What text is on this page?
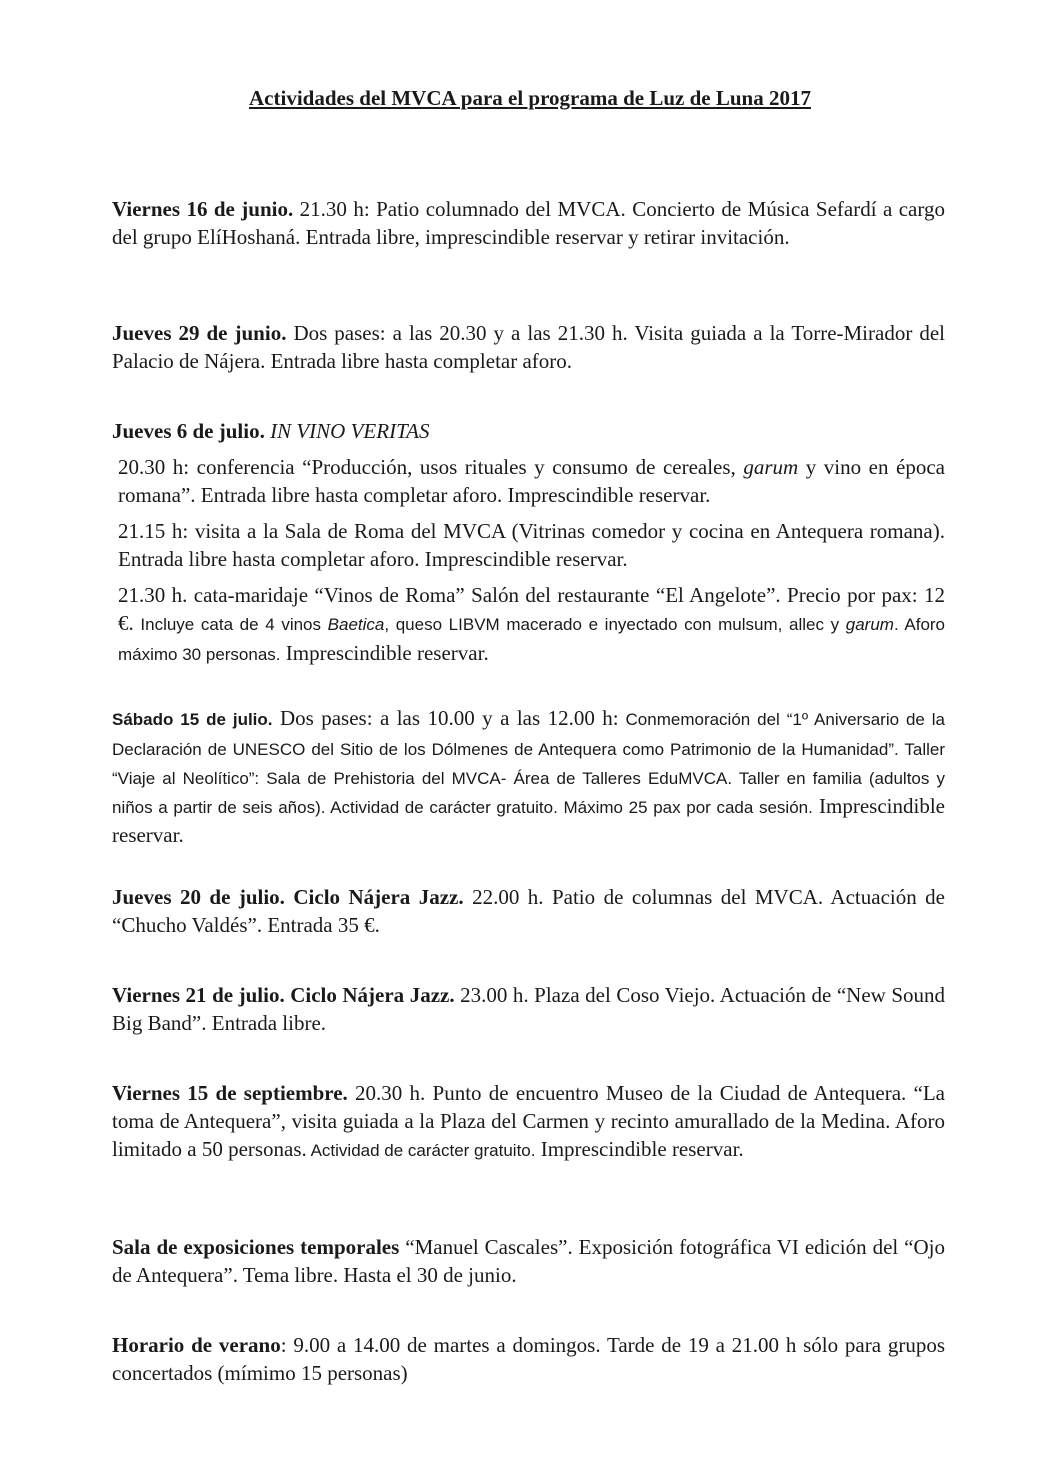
Actividades del MVCA para el programa de Luz de Luna 2017
Viernes 16 de junio. 21.30 h: Patio columnado del MVCA. Concierto de Música Sefardí a cargo del grupo ElíHoshaná. Entrada libre, imprescindible reservar y retirar invitación.
Jueves 29 de junio. Dos pases: a las 20.30 y a las 21.30 h. Visita guiada a la Torre-Mirador del Palacio de Nájera. Entrada libre hasta completar aforo.

Jueves 6 de julio. IN VINO VERITAS

20.30 h: conferencia “Producción, usos rituales y consumo de cereales, garum y vino en época romana”. Entrada libre hasta completar aforo. Imprescindible reservar.

21.15 h: visita a la Sala de Roma del MVCA (Vitrinas comedor y cocina en Antequera romana). Entrada libre hasta completar aforo. Imprescindible reservar.

21.30 h. cata-maridaje “Vinos de Roma” Salón del restaurante “El Angelote”. Precio por pax: 12 €. Incluye cata de 4 vinos Baetica, queso LIBVM macerado e inyectado con mulsum, allec y garum. Aforo máximo 30 personas. Imprescindible reservar.

Sábado 15 de julio. Dos pases: a las 10.00 y a las 12.00 h: Conmemoración del “1º Aniversario de la Declaración de UNESCO del Sitio de los Dólmenes de Antequera como Patrimonio de la Humanidad”. Taller “Viaje al Neolítico”: Sala de Prehistoria del MVCA- Área de Talleres EduMVCA. Taller en familia (adultos y niños a partir de seis años). Actividad de carácter gratuito. Máximo 25 pax por cada sesión. Imprescindible reservar.
Jueves 20 de julio. Ciclo Nájera Jazz. 22.00 h. Patio de columnas del MVCA. Actuación de “Chucho Valdés”. Entrada 35 €.
Viernes 21 de julio. Ciclo Nájera Jazz. 23.00 h. Plaza del Coso Viejo. Actuación de “New Sound Big Band”. Entrada libre.
Viernes 15 de septiembre. 20.30 h. Punto de encuentro Museo de la Ciudad de Antequera. “La toma de Antequera”, visita guiada a la Plaza del Carmen y recinto amurallado de la Medina. Aforo limitado a 50 personas. Actividad de carácter gratuito. Imprescindible reservar.
Sala de exposiciones temporales “Manuel Cascales”. Exposición fotográfica VI edición del “Ojo de Antequera”. Tema libre. Hasta el 30 de junio.
Horario de verano: 9.00 a 14.00 de martes a domingos. Tarde de 19 a 21.00 h sólo para grupos concertados (mímimo 15 personas)
